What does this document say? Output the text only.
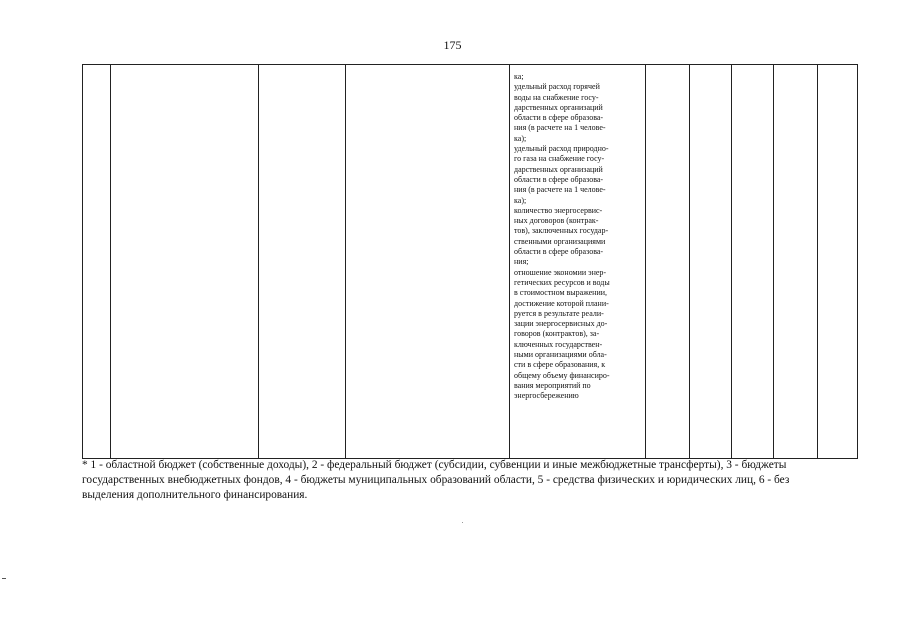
175

ка;
удельный расход горячей
воды на снабжение госу-
дарственных организаций
области в сфере образова-
ния (в расчете на 1 челове-
ка);
удельный расход природно-
го газа на снабжение госу-
дарственных организаций
области в сфере образова-
ния (в расчете на 1 челове-
ка);
количество энергосервис-
ных договоров (контрак-
тов), заключенных государ-
ственными организациями
области в сфере образова-
ния;
отношение экономии энер-
гетических ресурсов и воды
в стоимостном выражении,
достижение которой плани-
руется в результате реали-
зации энергосервисных до-
говоров (контрактов), за-
ключенных государствен-
ными организациями обла-
сти в сфере образования, к
общему объему финансиро-
вания мероприятий по
энергосбережению

* 1 - областной бюджет (собственные доходы), 2 - федеральный бюджет (субсидии, субвенции и иные межбюджетные трансферты), 3 - бюджеты
государственных внебюджетных фондов, 4 - бюджеты муниципальных образований области, 5 - средства физических и юридических лиц, 6 - без
выделения дополнительного финансирования.
